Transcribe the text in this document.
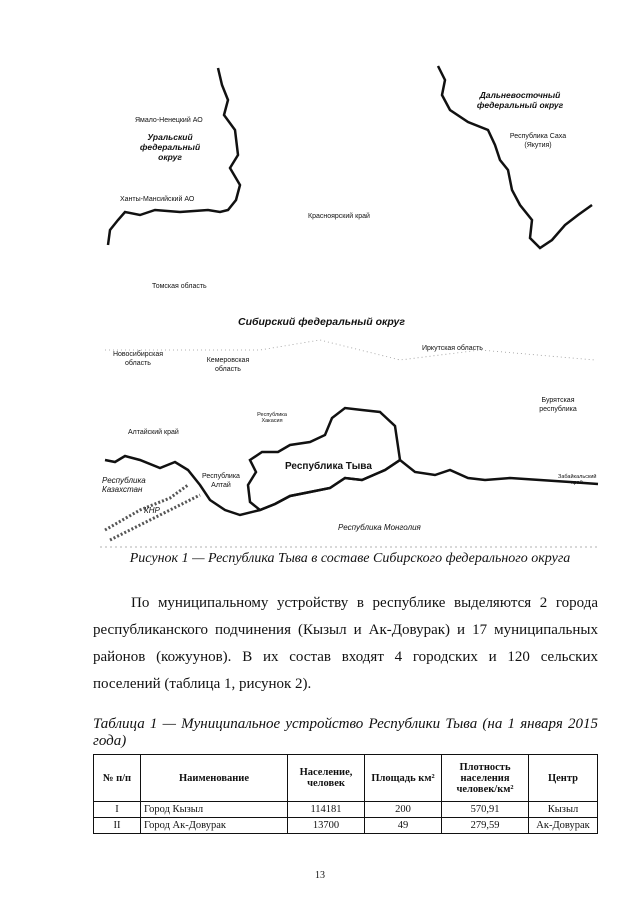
Ямало-Ненецкий АО
Уральский федеральный округ
Ханты-Мансийский АО
Дальневосточный федеральный округ
Республика Саха (Якутия)
Красноярский край
Томская область
Сибирский федеральный округ
Новосибирская область	Кемеровская область
Иркутская область
Бурятская республика
Алтайский край
Республика Хакасия
Республика Тыва
Республика Алтай
Республика Казахстан
КНР
Республика Монголия
Забайкальский край
Рисунок 1 — Республика Тыва в составе Сибирского федерального округа

По муниципальному устройству в республике выделяются 2 города республиканского подчинения (Кызыл и Ак-Довурак) и 17 муниципальных районов (кожуунов). В их состав входят 4 городских и 120 сельских поселений (таблица 1, рисунок 2).

Таблица 1 — Муниципальное устройство Республики Тыва (на 1 января 2015 года)
№ п/п	Наименование	Население, человек	Площадь км²	Плотность населения человек/км²	Центр
I	Город Кызыл	114181	200	570,91	Кызыл
II	Город Ак-Довурак	13700	49	279,59	Ак-Довурак
13
